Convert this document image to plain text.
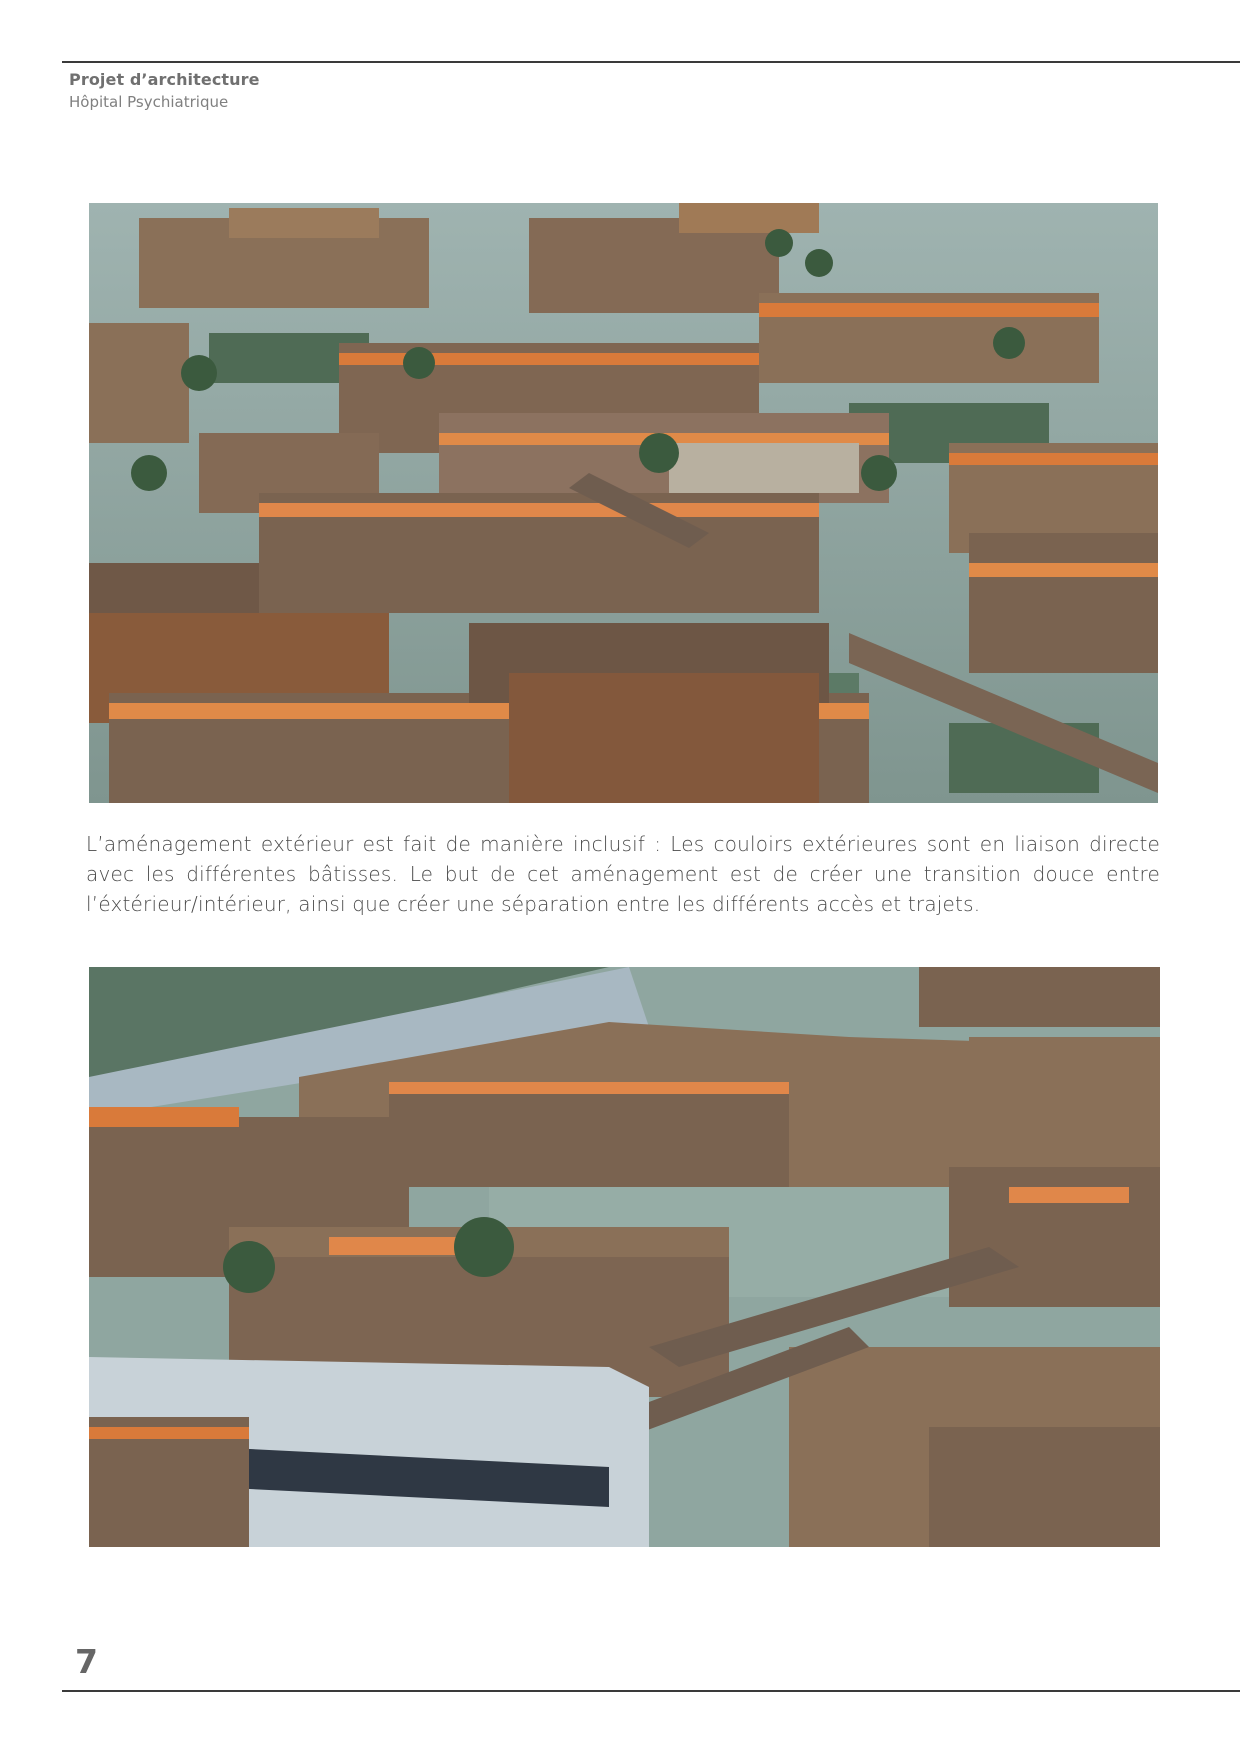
Projet d’architecture
Hôpital Psychiatrique
L’aménagement extérieur est fait de manière inclusif : Les couloirs extérieures sont en liaison directe avec les différentes bâtisses. Le but de cet aménagement est de créer une transition douce entre l’éxtérieur/intérieur, ainsi que créer une séparation entre les différents accès et trajets.
7
